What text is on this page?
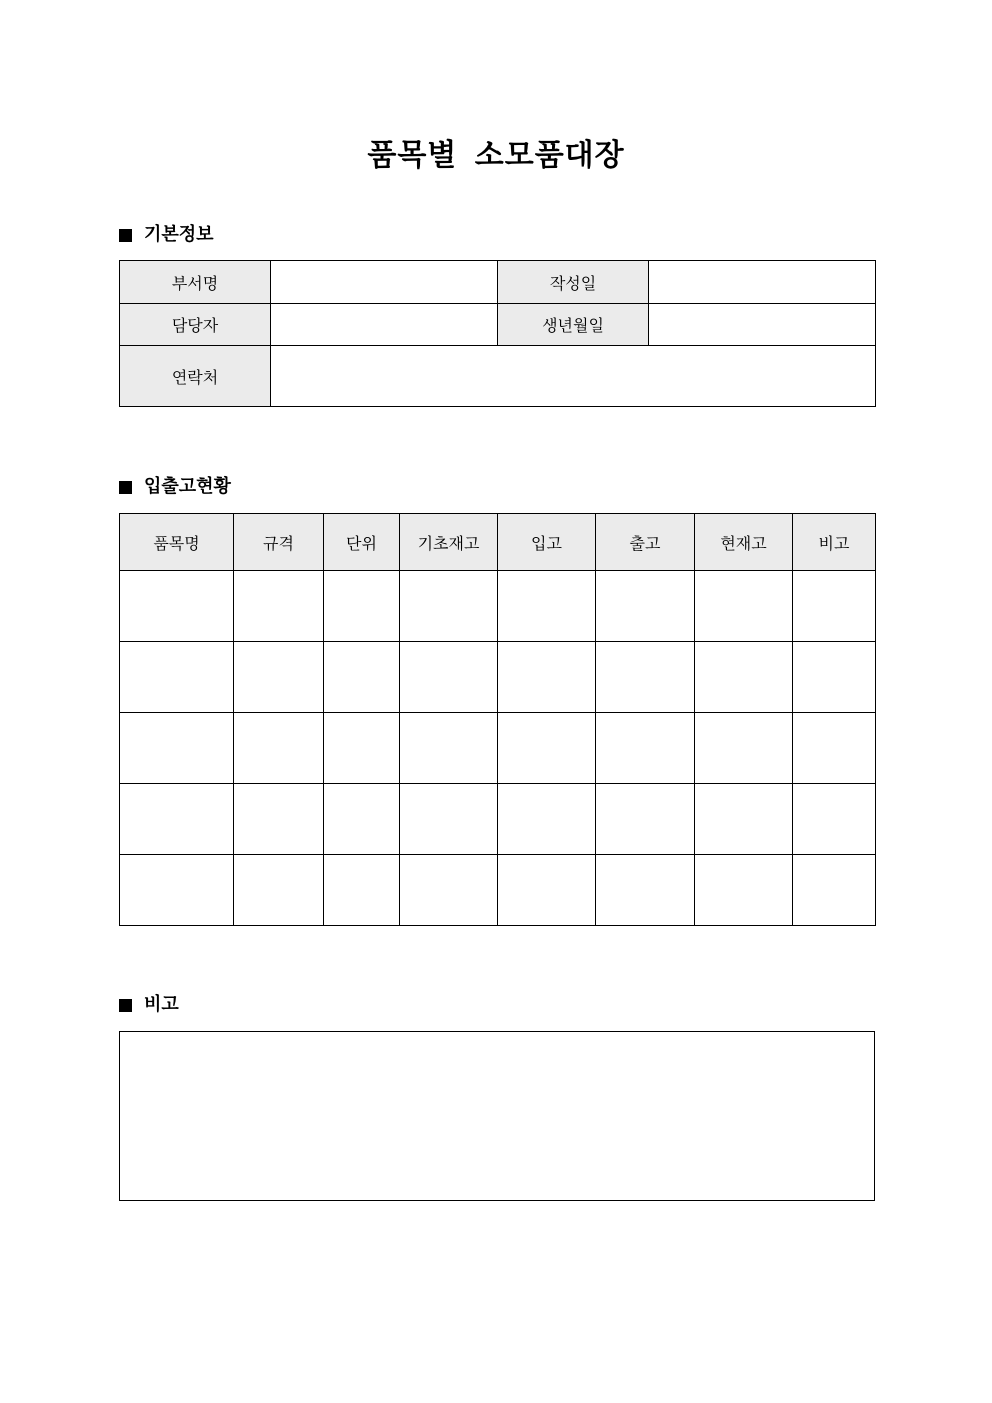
품목별 소모품대장
기본정보
부서명		작성일	
담당자		생년월일	
연락처			
입출고현황
품목명	규격	단위	기초재고	입고	출고	현재고	비고

비고
